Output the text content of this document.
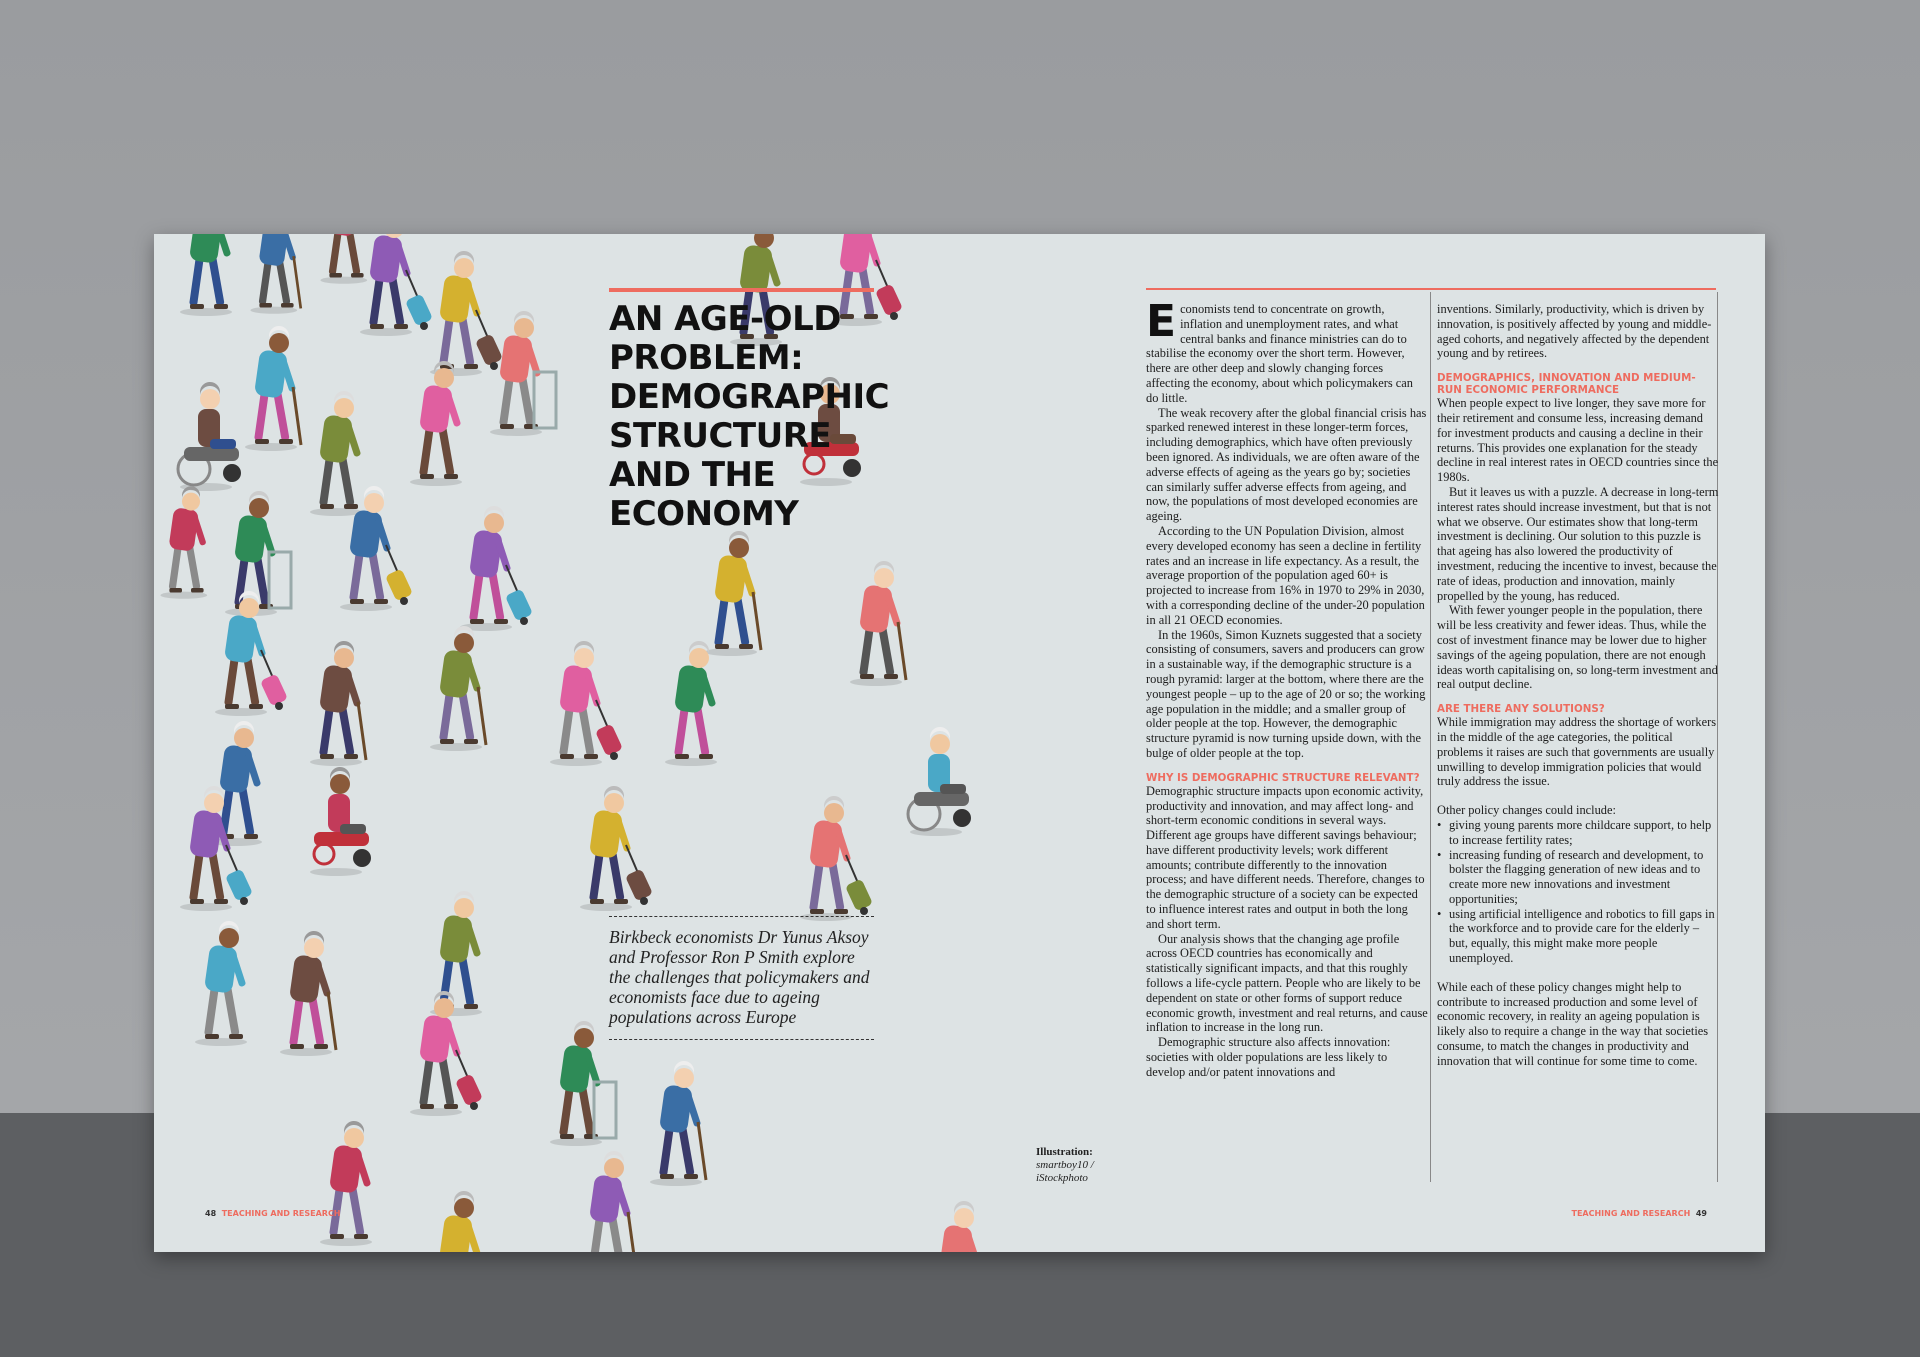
AN AGE-OLD PROBLEM: DEMOGRAPHIC STRUCTURE AND THE ECONOMY
Birkbeck economists Dr Yunus Aksoy and Professor Ron P Smith explore the challenges that policymakers and economists face due to ageing populations across Europe
Illustration:
smartboy10 / iStockphoto

Economists tend to concentrate on growth, inflation and unemployment rates, and what central banks and finance ministries can do to stabilise the economy over the short term. However, there are other deep and slowly changing forces affecting the economy, about which policymakers can do little.

The weak recovery after the global financial crisis has sparked renewed interest in these longer-term forces, including demographics, which have often previously been ignored. As individuals, we are often aware of the adverse effects of ageing as the years go by; societies can similarly suffer adverse effects from ageing, and now, the populations of most developed economies are ageing.

According to the UN Population Division, almost every developed economy has seen a decline in fertility rates and an increase in life expectancy. As a result, the average proportion of the population aged 60+ is projected to increase from 16% in 1970 to 29% in 2030, with a corresponding decline of the under-20 population in all 21 OECD economies.

In the 1960s, Simon Kuznets suggested that a society consisting of consumers, savers and producers can grow in a sustainable way, if the demographic structure is a rough pyramid: larger at the bottom, where there are the youngest people – up to the age of 20 or so; the working age population in the middle; and a smaller group of older people at the top. However, the demographic structure pyramid is now turning upside down, with the bulge of older people at the top.

WHY IS DEMOGRAPHIC STRUCTURE RELEVANT?

Demographic structure impacts upon economic activity, productivity and innovation, and may affect long- and short-term economic conditions in several ways. Different age groups have different savings behaviour; have different productivity levels; work different amounts; contribute differently to the innovation process; and have different needs. Therefore, changes to the demographic structure of a society can be expected to influence interest rates and output in both the long and short term.

Our analysis shows that the changing age profile across OECD countries has economically and statistically significant impacts, and that this roughly follows a life-cycle pattern. People who are likely to be dependent on state or other forms of support reduce economic growth, investment and real returns, and cause inflation to increase in the long run.

Demographic structure also affects innovation: societies with older populations are less likely to develop and/or patent innovations and

inventions. Similarly, productivity, which is driven by innovation, is positively affected by young and middle-aged cohorts, and negatively affected by the dependent young and by retirees.

DEMOGRAPHICS, INNOVATION AND MEDIUM-RUN ECONOMIC PERFORMANCE

When people expect to live longer, they save more for their retirement and consume less, increasing demand for investment products and causing a decline in their returns. This provides one explanation for the steady decline in real interest rates in OECD countries since the 1980s.

But it leaves us with a puzzle. A decrease in long-term interest rates should increase investment, but that is not what we observe. Our estimates show that long-term investment is declining. Our solution to this puzzle is that ageing has also lowered the productivity of investment, reducing the incentive to invest, because the rate of ideas, production and innovation, mainly propelled by the young, has reduced.

With fewer younger people in the population, there will be less creativity and fewer ideas. Thus, while the cost of investment finance may be lower due to higher savings of the ageing population, there are not enough ideas worth capitalising on, so long-term investment and real output decline.

ARE THERE ANY SOLUTIONS?

While immigration may address the shortage of workers in the middle of the age categories, the political problems it raises are such that governments are usually unwilling to develop immigration policies that would truly address the issue.

Other policy changes could include:

• giving young parents more childcare support, to help to increase fertility rates;
• increasing funding of research and development, to bolster the flagging generation of new ideas and to create more new innovations and investment opportunities;
• using artificial intelligence and robotics to fill gaps in the workforce and to provide care for the elderly – but, equally, this might make more people unemployed.

While each of these policy changes might help to contribute to increased production and some level of economic recovery, in reality an ageing population is likely also to require a change in the way that societies consume, to match the changes in productivity and innovation that will continue for some time to come.

48 TEACHING AND RESEARCH	TEACHING AND RESEARCH 49
